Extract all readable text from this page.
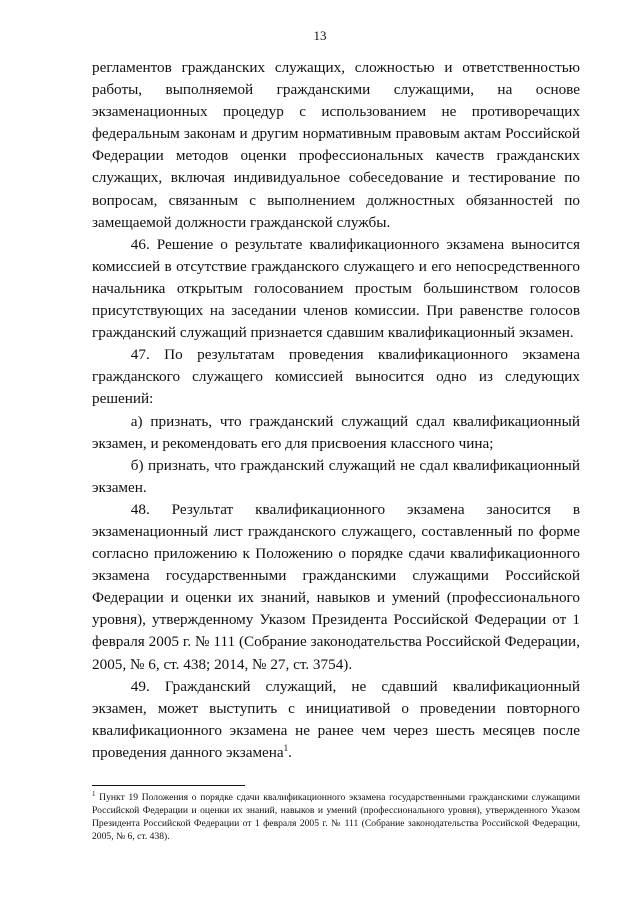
13

регламентов гражданских служащих, сложностью и ответственностью работы, выполняемой гражданскими служащими, на основе экзаменационных процедур с использованием не противоречащих федеральным законам и другим нормативным правовым актам Российской Федерации методов оценки профессиональных качеств гражданских служащих, включая индивидуальное собеседование и тестирование по вопросам, связанным с выполнением должностных обязанностей по замещаемой должности гражданской службы.

46. Решение о результате квалификационного экзамена выносится комиссией в отсутствие гражданского служащего и его непосредственного начальника открытым голосованием простым большинством голосов присутствующих на заседании членов комиссии. При равенстве голосов гражданский служащий признается сдавшим квалификационный экзамен.

47. По результатам проведения квалификационного экзамена гражданского служащего комиссией выносится одно из следующих решений:

а) признать, что гражданский служащий сдал квалификационный экзамен, и рекомендовать его для присвоения классного чина;

б) признать, что гражданский служащий не сдал квалификационный экзамен.

48. Результат квалификационного экзамена заносится в экзаменационный лист гражданского служащего, составленный по форме согласно приложению к Положению о порядке сдачи квалификационного экзамена государственными гражданскими служащими Российской Федерации и оценки их знаний, навыков и умений (профессионального уровня), утвержденному Указом Президента Российской Федерации от 1 февраля 2005 г. № 111 (Собрание законодательства Российской Федерации, 2005, № 6, ст. 438; 2014, № 27, ст. 3754).

49. Гражданский служащий, не сдавший квалификационный экзамен, может выступить с инициативой о проведении повторного квалификационного экзамена не ранее чем через шесть месяцев после проведения данного экзамена$^1$.

$^1$ Пункт 19 Положения о порядке сдачи квалификационного экзамена государственными гражданскими служащими Российской Федерации и оценки их знаний, навыков и умений (профессионального уровня), утвержденного Указом Президента Российской Федерации от 1 февраля 2005 г. № 111 (Собрание законодательства Российской Федерации, 2005, № 6, ст. 438).
